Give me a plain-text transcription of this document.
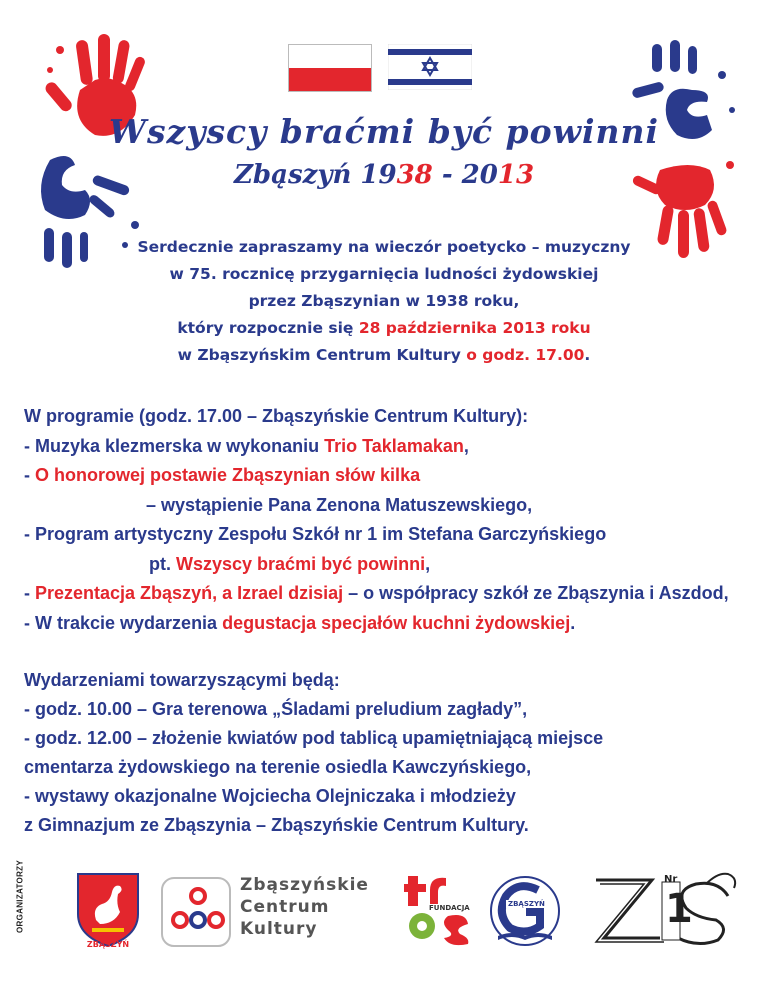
Wszyscy braćmi być powinni
Zbąszyń 1938 - 2013
Serdecznie zapraszamy na wieczór poetycko – muzyczny
w 75. rocznicę przygarnięcia ludności żydowskiej
przez Zbąszynian w 1938 roku,
który rozpocznie się 28 października 2013 roku
w Zbąszyńskim Centrum Kultury o godz. 17.00.
W programie (godz. 17.00 – Zbąszyńskie Centrum Kultury):
- Muzyka klezmerska w wykonaniu Trio Taklamakan,
- O honorowej postawie Zbąszynian słów kilka
– wystąpienie Pana Zenona Matuszewskiego,
- Program artystyczny Zespołu Szkół nr 1 im Stefana Garczyńskiego
pt. Wszyscy braćmi być powinni,
- Prezentacja Zbąszyń, a Izrael dzisiaj – o współpracy szkół ze Zbąszynia i Aszdod,
- W trakcie wydarzenia degustacja specjałów kuchni żydowskiej.
Wydarzeniami towarzyszącymi będą:
- godz. 10.00 – Gra terenowa „Śladami preludium zagłady”,
- godz. 12.00 – złożenie kwiatów pod tablicą upamiętniającą miejsce
cmentarza żydowskiego na terenie osiedla Kawczyńskiego,
- wystawy okazjonalne Wojciecha Olejniczaka i młodzieży
z Gimnazjum ze Zbąszynia – Zbąszyńskie Centrum Kultury.
ORGANIZATORZY
ZBĄSZYŃ
Zbąszyńskie
Centrum
Kultury
FUNDACJA	ZBĄSZYŃ
Nr
1
